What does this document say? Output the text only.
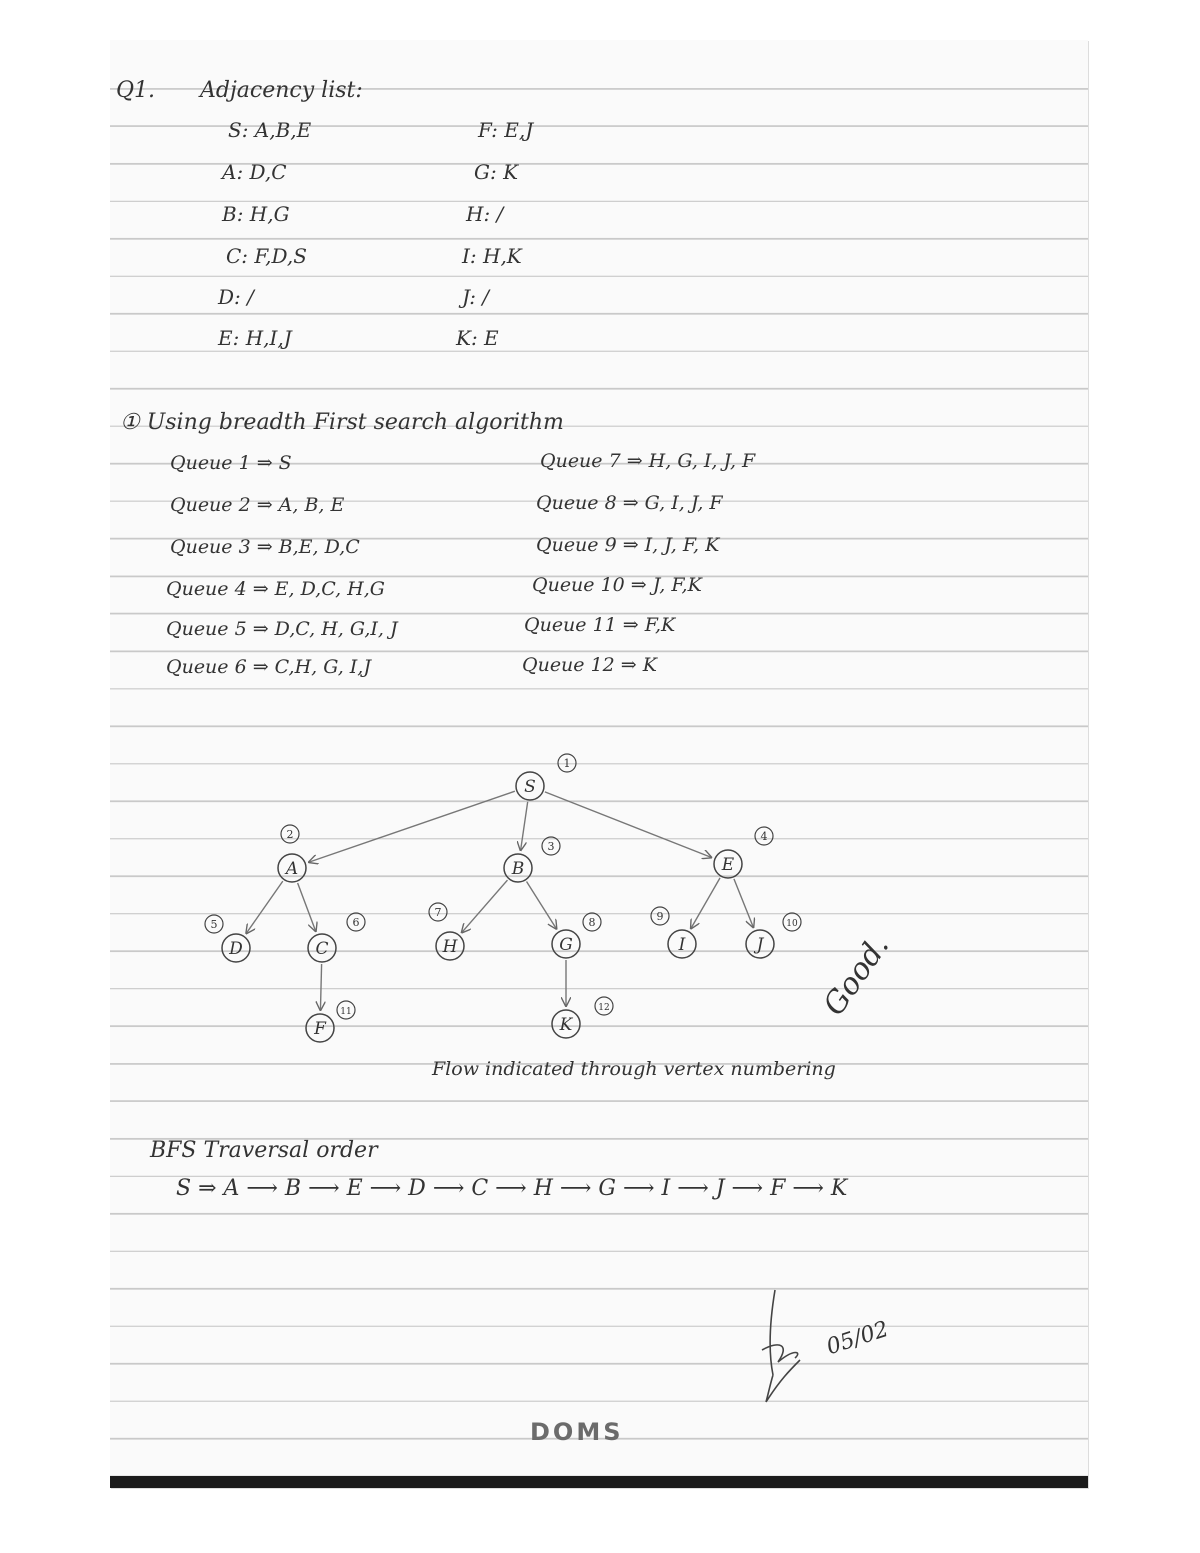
Q1. Adjacency list:
S: A,B,E
A: D,C
B: H,G
C: F,D,S
D: /
E: H,I,J
F: E,J
G: K
H: /
I: H,K
J: /
K: E
① Using breadth First search algorithm
Queue 1 ⇒ S
Queue 2 ⇒ A, B, E
Queue 3 ⇒ B,E, D,C
Queue 4 ⇒ E, D,C, H,G
Queue 5 ⇒ D,C, H, G,I, J
Queue 6 ⇒ C,H, G, I,J
Queue 7 ⇒ H, G, I, J, F
Queue 8 ⇒ G, I, J, F
Queue 9 ⇒ I, J, F, K
Queue 10 ⇒ J, F,K
Queue 11 ⇒ F,K
Queue 12 ⇒ K
S
1
A
2
B
3
E
4
D
5
C
6
H
7
G
8
I
9
J
10
F
11
K
12	Good.
Flow indicated through vertex numbering
BFS Traversal order
S ⇒ A ⟶ B ⟶ E ⟶ D ⟶ C ⟶ H ⟶ G ⟶ I ⟶ J ⟶ F ⟶ K
05/02
DOMS
